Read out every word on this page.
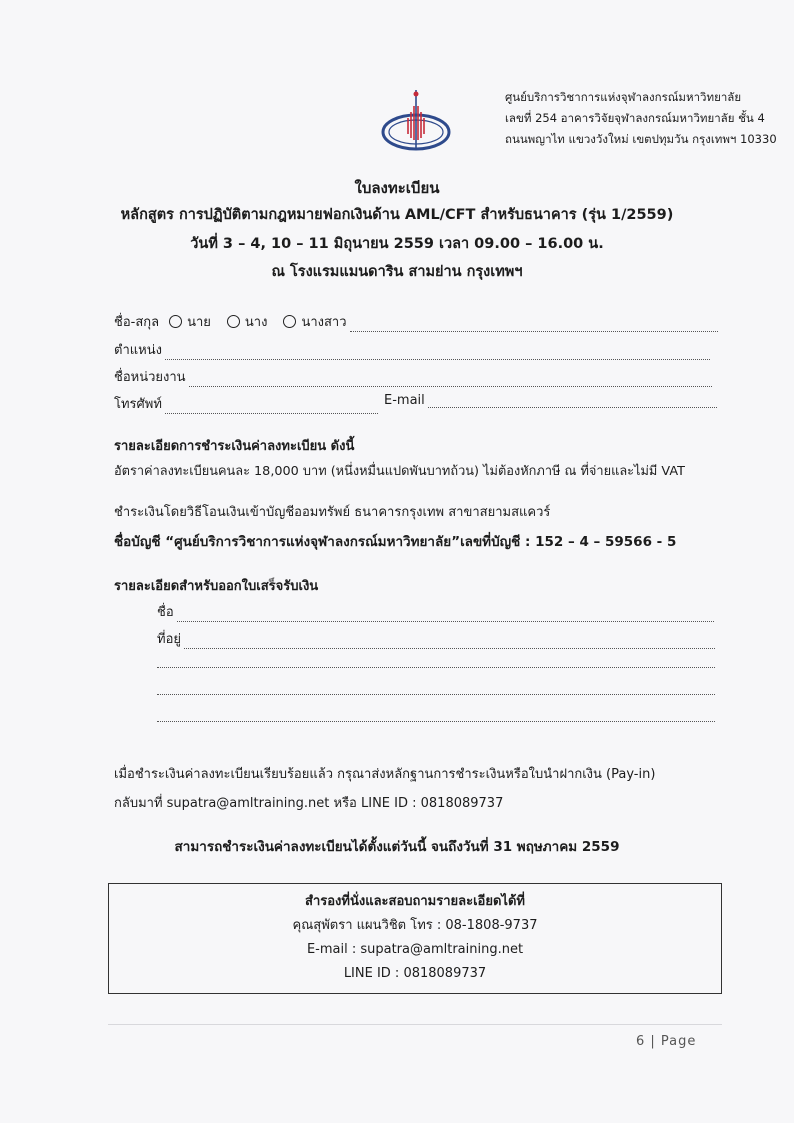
ศูนย์บริการวิชาการแห่งจุฬาลงกรณ์มหาวิทยาลัย
เลขที่ 254 อาคารวิจัยจุฬาลงกรณ์มหาวิทยาลัย ชั้น 4
ถนนพญาไท แขวงวังใหม่ เขตปทุมวัน กรุงเทพฯ 10330
ใบลงทะเบียน
หลักสูตร การปฏิบัติตามกฎหมายฟอกเงินด้าน AML/CFT สำหรับธนาคาร (รุ่น 1/2559)
วันที่ 3 – 4, 10 – 11 มิถุนายน 2559 เวลา 09.00 – 16.00 น.
ณ โรงแรมแมนดาริน สามย่าน กรุงเทพฯ
ชื่อ-สกุล นาย	นาง	นางสาว
ตำแหน่ง
ชื่อหน่วยงาน
โทรศัพท์	E-mail
รายละเอียดการชำระเงินค่าลงทะเบียน ดังนี้
อัตราค่าลงทะเบียนคนละ 18,000 บาท (หนึ่งหมื่นแปดพันบาทถ้วน) ไม่ต้องหักภาษี ณ ที่จ่ายและไม่มี VAT
ชำระเงินโดยวิธีโอนเงินเข้าบัญชีออมทรัพย์ ธนาคารกรุงเทพ สาขาสยามสแควร์
ชื่อบัญชี “ศูนย์บริการวิชาการแห่งจุฬาลงกรณ์มหาวิทยาลัย”เลขที่บัญชี : 152 – 4 – 59566 - 5
รายละเอียดสำหรับออกใบเสร็จรับเงิน
ชื่อ
ที่อยู่
เมื่อชำระเงินค่าลงทะเบียนเรียบร้อยแล้ว กรุณาส่งหลักฐานการชำระเงินหรือใบนำฝากเงิน (Pay-in)
กลับมาที่ supatra@amltraining.net หรือ LINE ID : 0818089737
สามารถชำระเงินค่าลงทะเบียนได้ตั้งแต่วันนี้ จนถึงวันที่ 31 พฤษภาคม 2559
สำรองที่นั่งและสอบถามรายละเอียดได้ที่
คุณสุพัตรา แผนวิชิต โทร : 08-1808-9737
E-mail : supatra@amltraining.net
LINE ID : 0818089737
6 | Page
